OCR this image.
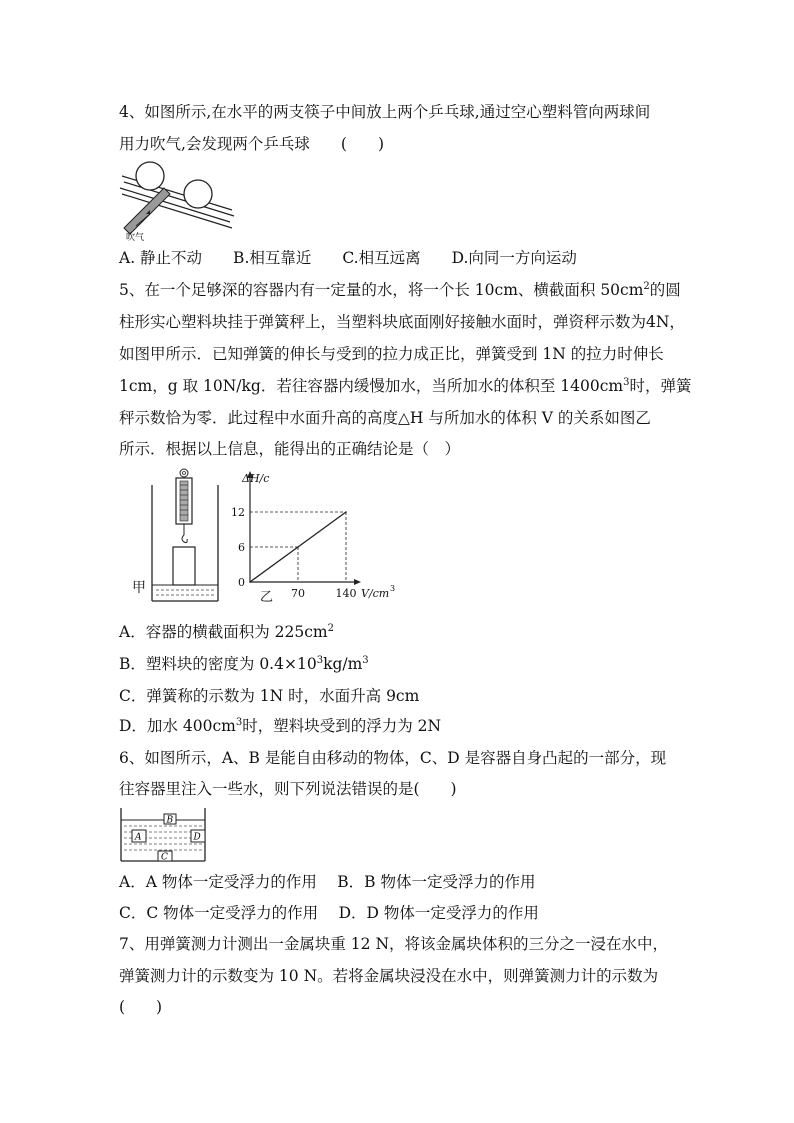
4、如图所示,在水平的两支筷子中间放上两个乒乓球,通过空心塑料管向两球间
用力吹气,会发现两个乒乓球　　(　　)
吹气
A. 静止不动　　B.相互靠近　　C.相互远离　　D.向同一方向运动
5、在一个足够深的容器内有一定量的水，将一个长 10cm、横截面积 $50cm^2$的圆
柱形实心塑料块挂于弹簧秤上，当塑料块底面刚好接触水面时，弹资秤示数为4N，
如图甲所示．已知弹簧的伸长与受到的拉力成正比，弹簧受到 1N 的拉力时伸长
1cm，g 取 10N/kg．若往容器内缓慢加水，当所加水的体积至 $1400cm^3$时，弹簧
秤示数恰为零．此过程中水面升高的高度△H 与所加水的体积 V 的关系如图乙
所示．根据以上信息，能得出的正确结论是（　）
甲	0
6
12
70	140
ΔH/c
V/cm 3
乙
A．容器的横截面积为 $225cm^2$
B．塑料块的密度为 $0.4\times 10^3kg/m^3$
C．弹簧称的示数为 1N 时，水面升高 9cm
D．加水 $400cm^3$时，塑料块受到的浮力为 2N
6、如图所示，A、B 是能自由移动的物体，C、D 是容器自身凸起的一部分，现
往容器里注入一些水，则下列说法错误的是(　　)
B
A	D
C
A．A 物体一定受浮力的作用　 B．B 物体一定受浮力的作用
C．C 物体一定受浮力的作用　 D．D 物体一定受浮力的作用
7、用弹簧测力计测出一金属块重 12 N，将该金属块体积的三分之一浸在水中，
弹簧测力计的示数变为 10 N。若将金属块浸没在水中，则弹簧测力计的示数为
(　　)
